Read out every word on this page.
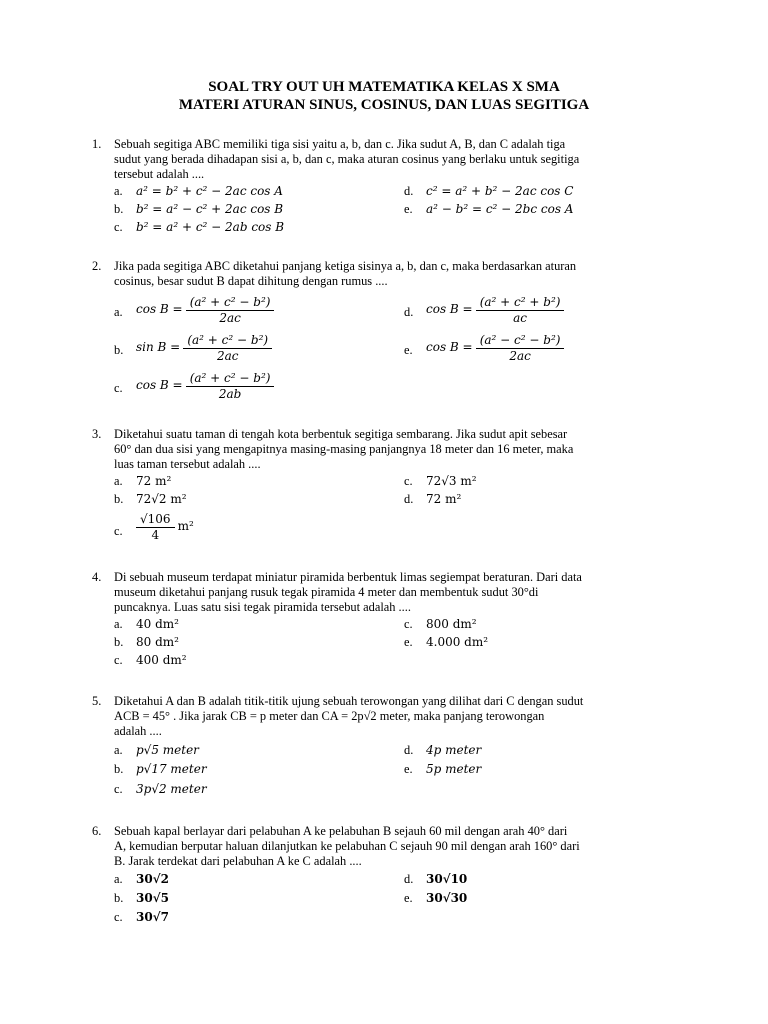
SOAL TRY OUT UH MATEMATIKA KELAS X SMA
MATERI ATURAN SINUS, COSINUS, DAN LUAS SEGITIGA
1.	Sebuah segitiga ABC memiliki tiga sisi yaitu a, b, dan c. Jika sudut A, B, dan C adalah tiga
sudut yang berada dihadapan sisi a, b, dan c, maka aturan cosinus yang berlaku untuk segitiga
tersebut adalah ....
a.	a² = b² + c² − 2ac cos A
b.	b² = a² − c² + 2ac cos B
c.	b² = a² + c² − 2ab cos B
d.	c² = a² + b² − 2ac cos C
e.	a² − b² = c² − 2bc cos A
2.	Jika pada segitiga ABC diketahui panjang ketiga sisinya a, b, dan c, maka berdasarkan aturan
cosinus, besar sudut B dapat dihitung dengan rumus ....
a.	$\cos B = \frac{\text{(a² + c² − b²)}}{2ac}$
b.	$\sin B = \frac{\text{(a² + c² − b²)}}{2ac}$
c.	$\cos B = \frac{\text{(a² + c² − b²)}}{2ab}$
d.	$\cos B = \frac{\text{(a² + c² + b²)}}{ac}$
e.	$\cos B = \frac{\text{(a² − c² − b²)}}{2ac}$
3.	Diketahui suatu taman di tengah kota berbentuk segitiga sembarang. Jika sudut apit sebesar
60° dan dua sisi yang mengapitnya masing-masing panjangnya 18 meter dan 16 meter, maka
luas taman tersebut adalah ....
a.	72 m²
b.	72√2 m²
c.	$\frac{√106}{4} m^2$
c.	72√3 m²
d.	72 m²
4.	Di sebuah museum terdapat miniatur piramida berbentuk limas segiempat beraturan. Dari data
museum diketahui panjang rusuk tegak piramida 4 meter dan membentuk sudut 30°di
puncaknya. Luas satu sisi tegak piramida tersebut adalah ....
a.	40 dm²
b.	80 dm²
c.	400 dm²
c.	800 dm²
e.	4.000 dm²
5.	Diketahui A dan B adalah titik-titik ujung sebuah terowongan yang dilihat dari C dengan sudut
ACB = 45° . Jika jarak CB = p meter dan CA = 2p√2 meter, maka panjang terowongan
adalah ....
a.	p√5 meter
b.	p√17 meter
c.	3p√2 meter
d.	4p meter
e.	5p meter
6.	Sebuah kapal berlayar dari pelabuhan A ke pelabuhan B sejauh 60 mil dengan arah 40° dari
A, kemudian berputar haluan dilanjutkan ke pelabuhan C sejauh 90 mil dengan arah 160° dari
B. Jarak terdekat dari pelabuhan A ke C adalah ....
a.	30√2
b.	30√5
c.	30√7
d.	30√10
e.	30√30
